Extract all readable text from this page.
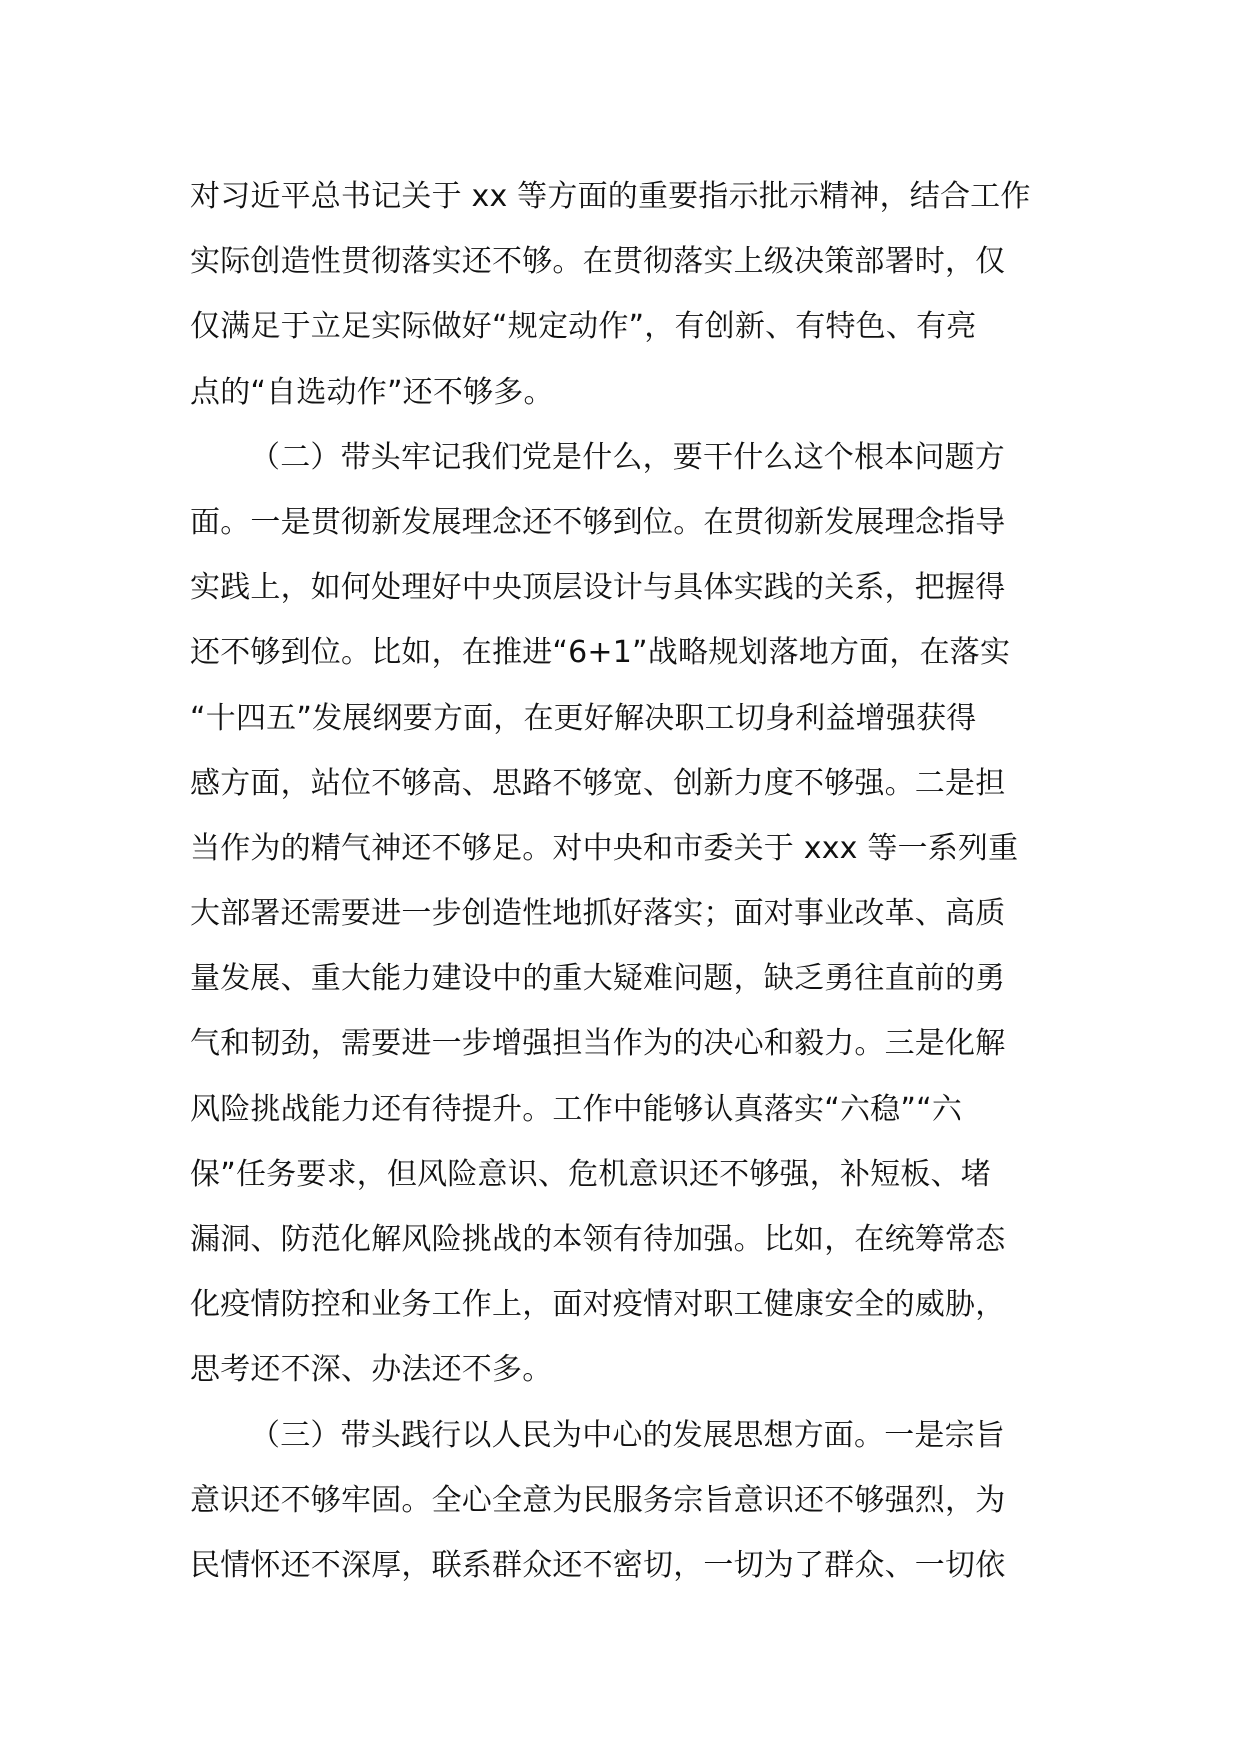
对习近平总书记关于 xx 等方面的重要指示批示精神，结合工作
实际创造性贯彻落实还不够。在贯彻落实上级决策部署时，仅
仅满足于立足实际做好“规定动作”，有创新、有特色、有亮
点的“自选动作”还不够多。
（二）带头牢记我们党是什么，要干什么这个根本问题方
面。一是贯彻新发展理念还不够到位。在贯彻新发展理念指导
实践上，如何处理好中央顶层设计与具体实践的关系，把握得
还不够到位。比如，在推进“6+1”战略规划落地方面，在落实
“十四五”发展纲要方面，在更好解决职工切身利益增强获得
感方面，站位不够高、思路不够宽、创新力度不够强。二是担
当作为的精气神还不够足。对中央和市委关于 xxx 等一系列重
大部署还需要进一步创造性地抓好落实；面对事业改革、高质
量发展、重大能力建设中的重大疑难问题，缺乏勇往直前的勇
气和韧劲，需要进一步增强担当作为的决心和毅力。三是化解
风险挑战能力还有待提升。工作中能够认真落实“六稳”“六
保”任务要求，但风险意识、危机意识还不够强，补短板、堵
漏洞、防范化解风险挑战的本领有待加强。比如，在统筹常态
化疫情防控和业务工作上，面对疫情对职工健康安全的威胁，
思考还不深、办法还不多。
（三）带头践行以人民为中心的发展思想方面。一是宗旨
意识还不够牢固。全心全意为民服务宗旨意识还不够强烈，为
民情怀还不深厚，联系群众还不密切，一切为了群众、一切依
